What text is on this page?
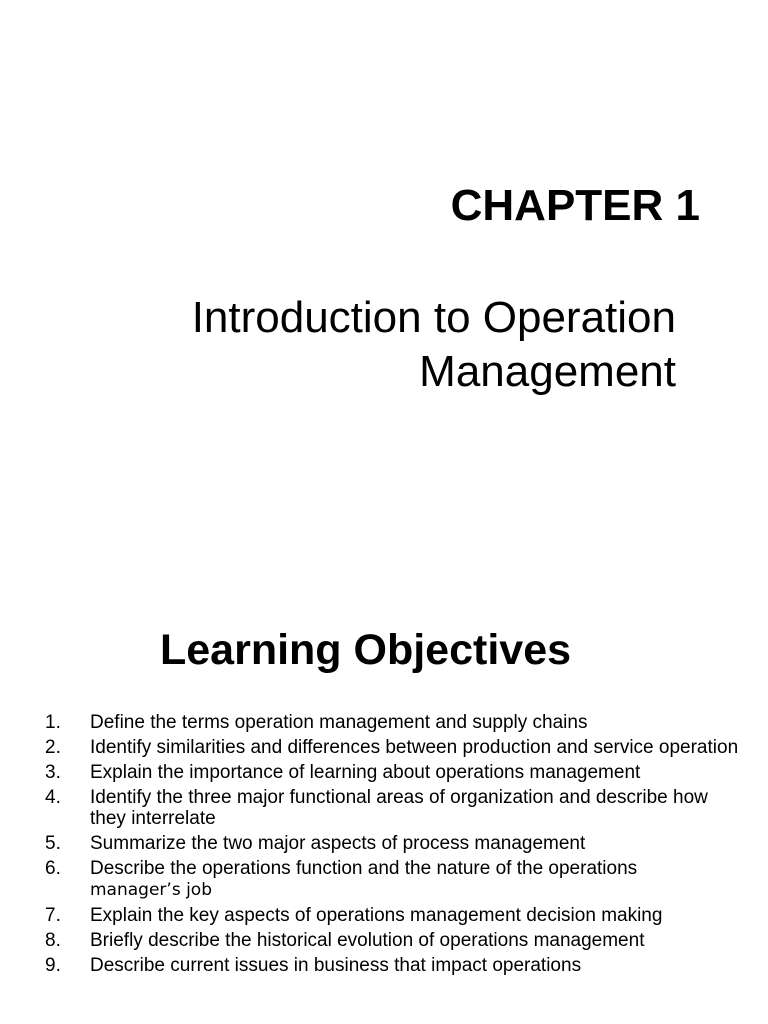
CHAPTER 1
Introduction to Operation
Management
Learning Objectives
1. Define the terms operation management and supply chains
2. Identify similarities and differences between production and service operation
3. Explain the importance of learning about operations management
4. Identify the three major functional areas of organization and describe how they interrelate
5. Summarize the two major aspects of process management
6. Describe the operations function and the nature of the operations
manager’s job
7. Explain the key aspects of operations management decision making
8. Briefly describe the historical evolution of operations management
9. Describe current issues in business that impact operations
